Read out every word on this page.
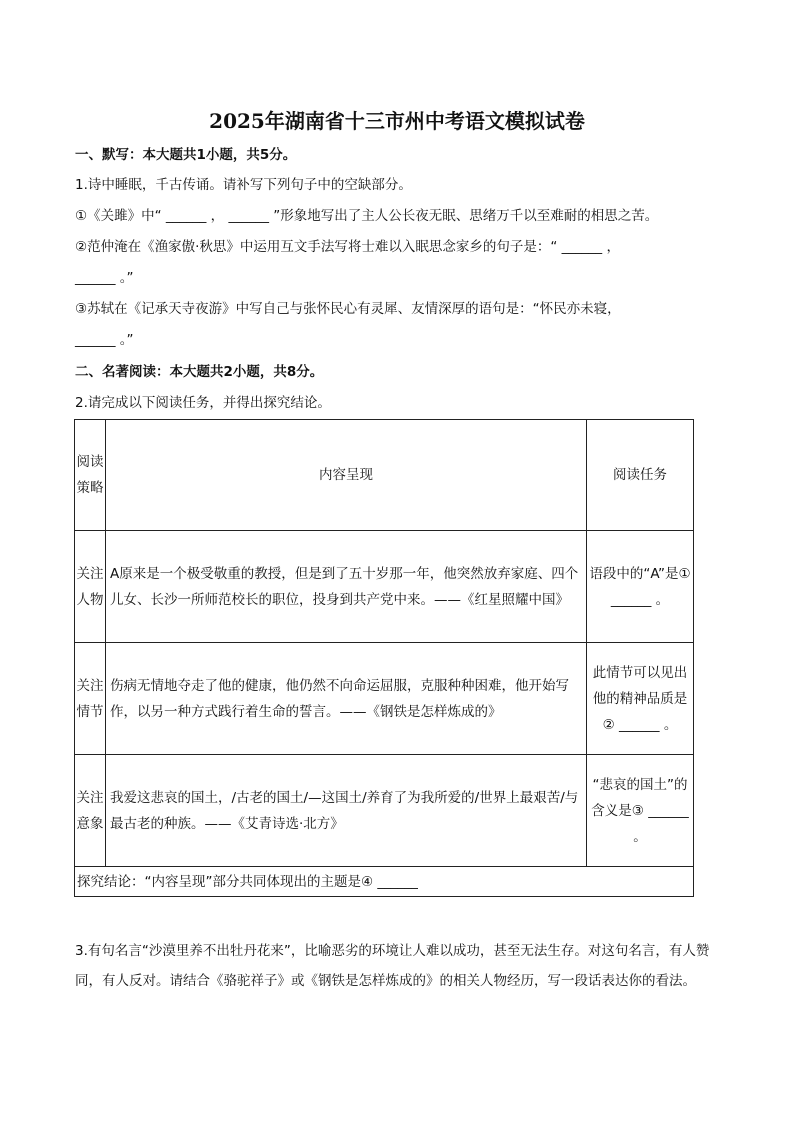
2025年湖南省十三市州中考语文模拟试卷
一、默写：本大题共1小题，共5分。
1.诗中睡眠，千古传诵。请补写下列句子中的空缺部分。
①《关雎》中“ ______ ， ______ ”形象地写出了主人公长夜无眠、思绪万千以至难耐的相思之苦。
②范仲淹在《渔家傲·秋思》中运用互文手法写将士难以入眠思念家乡的句子是：“ ______ ，
______ 。”
③苏轼在《记承天寺夜游》中写自己与张怀民心有灵犀、友情深厚的语句是：“怀民亦未寝，
______ 。”
二、名著阅读：本大题共2小题，共8分。
2.请完成以下阅读任务，并得出探究结论。
阅读策略	内容呈现	阅读任务
关注人物	A原来是一个极受敬重的教授，但是到了五十岁那一年，他突然放弃家庭、四个儿女、长沙一所师范校长的职位，投身到共产党中来。——《红星照耀中国》	语段中的“A”是① ______ 。
关注情节	伤病无情地夺走了他的健康，他仍然不向命运屈服，克服种种困难，他开始写作，以另一种方式践行着生命的誓言。——《钢铁是怎样炼成的》	此情节可以见出他的精神品质是② ______ 。
关注意象	我爱这悲哀的国土，/古老的国土/—这国土/养育了为我所爱的/世界上最艰苦/与最古老的种族。——《艾青诗选·北方》	“悲哀的国土”的含义是③ ______ 。
探究结论：“内容呈现”部分共同体现出的主题是④ ______		
3.有句名言“沙漠里养不出牡丹花来”，比喻恶劣的环境让人难以成功，甚至无法生存。对这句名言，有人赞同，有人反对。请结合《骆驼祥子》或《钢铁是怎样炼成的》的相关人物经历，写一段话表达你的看法。
